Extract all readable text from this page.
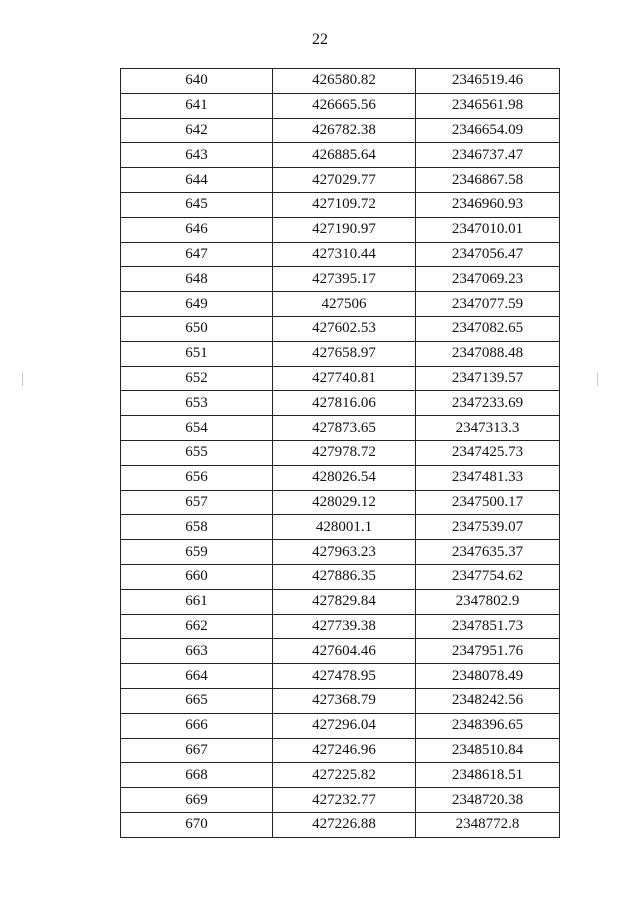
22
640	426580.82	2346519.46
641	426665.56	2346561.98
642	426782.38	2346654.09
643	426885.64	2346737.47
644	427029.77	2346867.58
645	427109.72	2346960.93
646	427190.97	2347010.01
647	427310.44	2347056.47
648	427395.17	2347069.23
649	427506	2347077.59
650	427602.53	2347082.65
651	427658.97	2347088.48
652	427740.81	2347139.57
653	427816.06	2347233.69
654	427873.65	2347313.3
655	427978.72	2347425.73
656	428026.54	2347481.33
657	428029.12	2347500.17
658	428001.1	2347539.07
659	427963.23	2347635.37
660	427886.35	2347754.62
661	427829.84	2347802.9
662	427739.38	2347851.73
663	427604.46	2347951.76
664	427478.95	2348078.49
665	427368.79	2348242.56
666	427296.04	2348396.65
667	427246.96	2348510.84
668	427225.82	2348618.51
669	427232.77	2348720.38
670	427226.88	2348772.8
